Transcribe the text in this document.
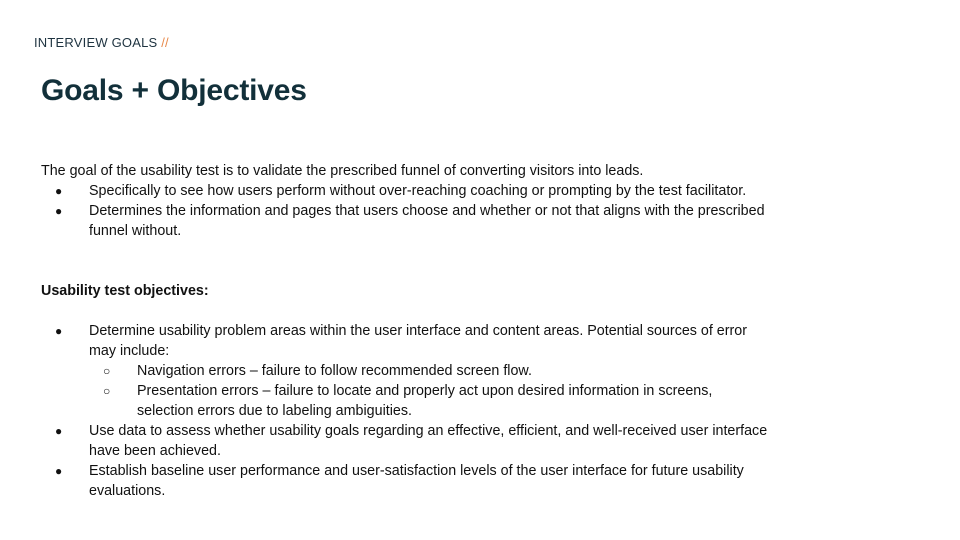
INTERVIEW GOALS //
Goals + Objectives

The goal of the usability test is to validate the prescribed funnel of converting visitors into leads.

● Specifically to see how users perform without over-reaching coaching or prompting by the test facilitator.
● Determines the information and pages that users choose and whether or not that aligns with the prescribed funnel without.

Usability test objectives:

● Determine usability problem areas within the user interface and content areas. Potential sources of error may include:
○ Navigation errors – failure to follow recommended screen flow.
○ Presentation errors – failure to locate and properly act upon desired information in screens, selection errors due to labeling ambiguities.
● Use data to assess whether usability goals regarding an effective, efficient, and well-received user interface have been achieved.
● Establish baseline user performance and user-satisfaction levels of the user interface for future usability evaluations.
